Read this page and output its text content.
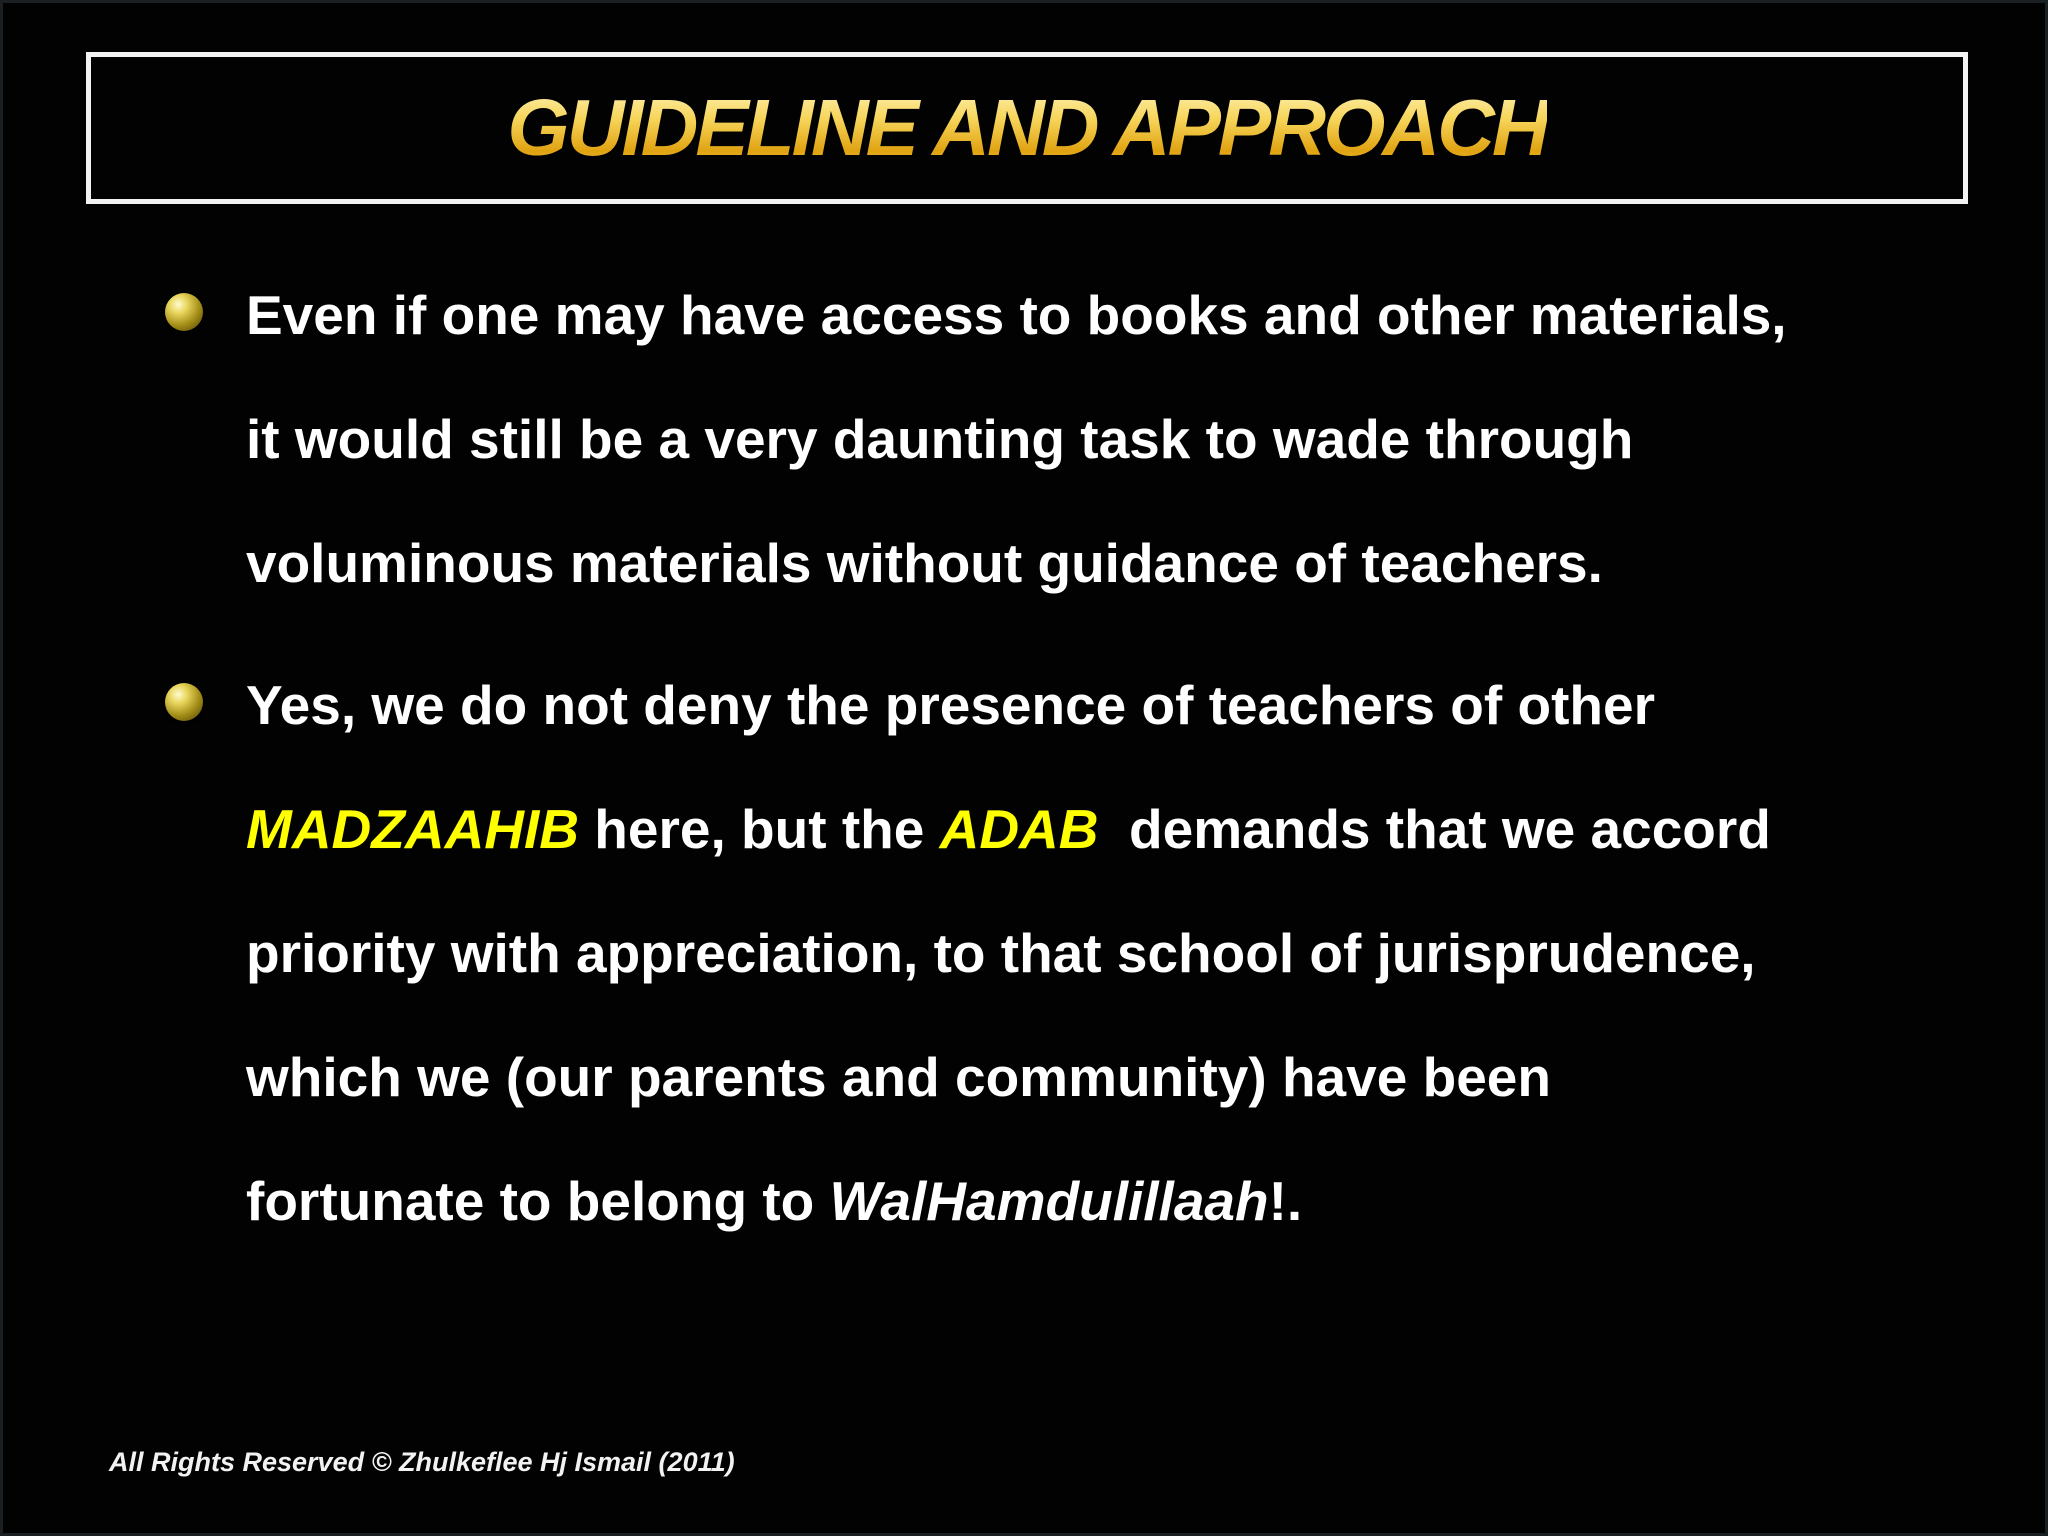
GUIDELINE AND APPROACH
Even if one may have access to books and other materials,
it would still be a very daunting task to wade through
voluminous materials without guidance of teachers.
Yes, we do not deny the presence of teachers of other
MADZAAHIB here, but the ADAB  demands that we accord
priority with appreciation, to that school of jurisprudence,
which we (our parents and community) have been
fortunate to belong to WalHamdulillaah!.
All Rights Reserved © Zhulkeflee Hj Ismail (2011)
